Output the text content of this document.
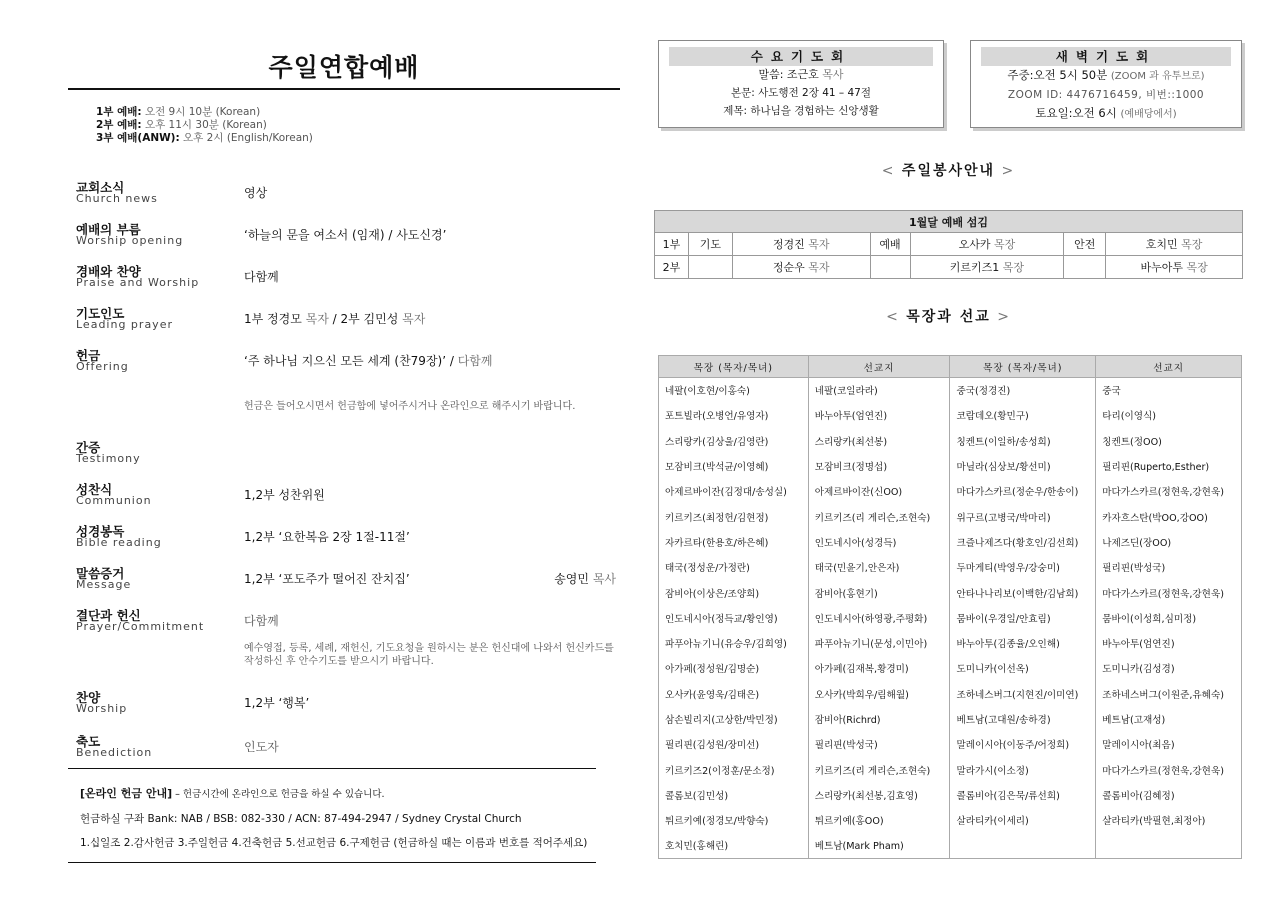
주일연합예배
1부 예배: 오전 9시 10분 (Korean)
2부 예배: 오후 11시 30분 (Korean)
3부 예배(ANW): 오후 2시 (English/Korean)
교회소식
Church news	영상
예배의 부름
Worship opening	‘하늘의 문을 여소서 (임재) / 사도신경’
경배와 찬양
Praise and Worship	다함께
기도인도
Leading prayer	1부 정경모 목자 / 2부 김민성 목자
헌금
Offering	‘주 하나님 지으신 모든 세계 (찬79장)’ / 다함께
헌금은 들어오시면서 헌금함에 넣어주시거나 온라인으로 해주시기 바랍니다.
간증
Testimony
성찬식
Communion	1,2부 성찬위원
성경봉독
Bible reading	1,2부 ‘요한복음 2장 1절-11절’
말씀증거
Message	1,2부 ‘포도주가 떨어진 잔치집’	송영민 목사
결단과 헌신
Prayer/Commitment	다함께
예수영접, 등록, 세례, 재헌신, 기도요청을 원하시는 분은 헌신대에 나와서 헌신카드를 작성하신 후 안수기도를 받으시기 바랍니다.
찬양
Worship	1,2부 ‘행복’
축도
Benediction	인도자
[온라인 헌금 안내] – 헌금시간에 온라인으로 헌금을 하실 수 있습니다.
헌금하실 구좌 Bank: NAB / BSB: 082-330 / ACN: 87-494-2947 / Sydney Crystal Church
1.십일조 2.감사헌금 3.주일헌금 4.건축헌금 5.선교헌금 6.구제헌금 (헌금하실 때는 이름과 번호를 적어주세요)
수요기도회
말씀: 조근호 목사
본문: 사도행전 2장 41 – 47절
제목: 하나님을 경험하는 신앙생활
새벽기도회
주중:오전 5시 50분 (ZOOM 과 유투브로)
ZOOM ID: 4476716459, 비번::1000
토요일:오전 6시 (예배당에서)
< 주일봉사안내 >
1월달 예배 섬김						
1부	기도	정경진 목자	예배	오사카 목장	안전	호치민 목장
2부		정순우 목자		키르키즈1 목장		바누아투 목장
< 목장과 선교 >
목장 (목자/목녀)	선교지	목장 (목자/목녀)	선교지
네팔(이호현/이홍숙)	네팔(코일라라)	중국(정경진)	중국
포트빌라(오병언/유영자)	바누아투(엄연진)	코람데오(황민구)	타리(이영식)
스리랑카(김상울/김영란)	스리랑카(최선봉)	칭켄트(이일하/송성희)	칭켄트(정OO)
모잠비크(박석균/이영혜)	모잠비크(정명섭)	마닐라(심상보/황선미)	필리핀(Ruperto,Esther)
아제르바이잔(김정대/송성실)	아제르바이잔(신OO)	마다가스카르(정순우/한송이)	마다가스카르(정현욱,강현욱)
키르키즈(최정헌/김현정)	키르키즈(리 게리슨,조현숙)	위구르(고병국/박마리)	카자흐스탄(박OO,강OO)
자카르타(한용호/하은혜)	인도네시아(성경득)	크즐나제즈다(황호인/김선희)	나제즈딘(장OO)
태국(정성운/가정란)	태국(민윤기,안은자)	두마게티(박영우/강숭미)	필리핀(박성국)
잠비아(이상은/조양희)	잠비아(홍현기)	안타나나리보(이백한/김남희)	마다가스카르(정현욱,강현욱)
인도네시아(정득교/황인영)	인도네시아(하영광,주평화)	뭄바이(우경일/안효림)	뭄바이(이성희,심미정)
파푸아뉴기니(유승우/김희영)	파푸아뉴기니(문성,이민아)	바누아투(김종율/오인해)	바누아투(엄연진)
아가페(정성원/김명순)	아가페(김재복,황경미)	도미니카(이선옥)	도미니카(김성경)
오사카(윤영욱/김태은)	오사카(박희우/림해월)	조하네스버그(지현진/이미연)	조하네스버그(이원준,유혜숙)
삼손빌리지(고상한/박민정)	잠비아(Richrd)	베트남(고대원/송하경)	베트남(고재성)
필리핀(김성원/장미선)	필리핀(박성국)	말레이시아(이동주/어정희)	말레이시아(최음)
키르키즈2(이정훈/문소정)	키르키즈(리 게리슨,조현숙)	말라가시(이소정)	마다가스카르(정현욱,강현욱)
콜롬보(김민성)	스리랑카(최선봉,김효영)	콜롬비아(김은묵/류선희)	콜롬비아(김혜정)
튀르키예(정경모/박향숙)	튀르키예(홍OO)	살라티카(이세리)	살라티카(박필현,최정아)
호치민(홍해린)	베트남(Mark Pham)		
